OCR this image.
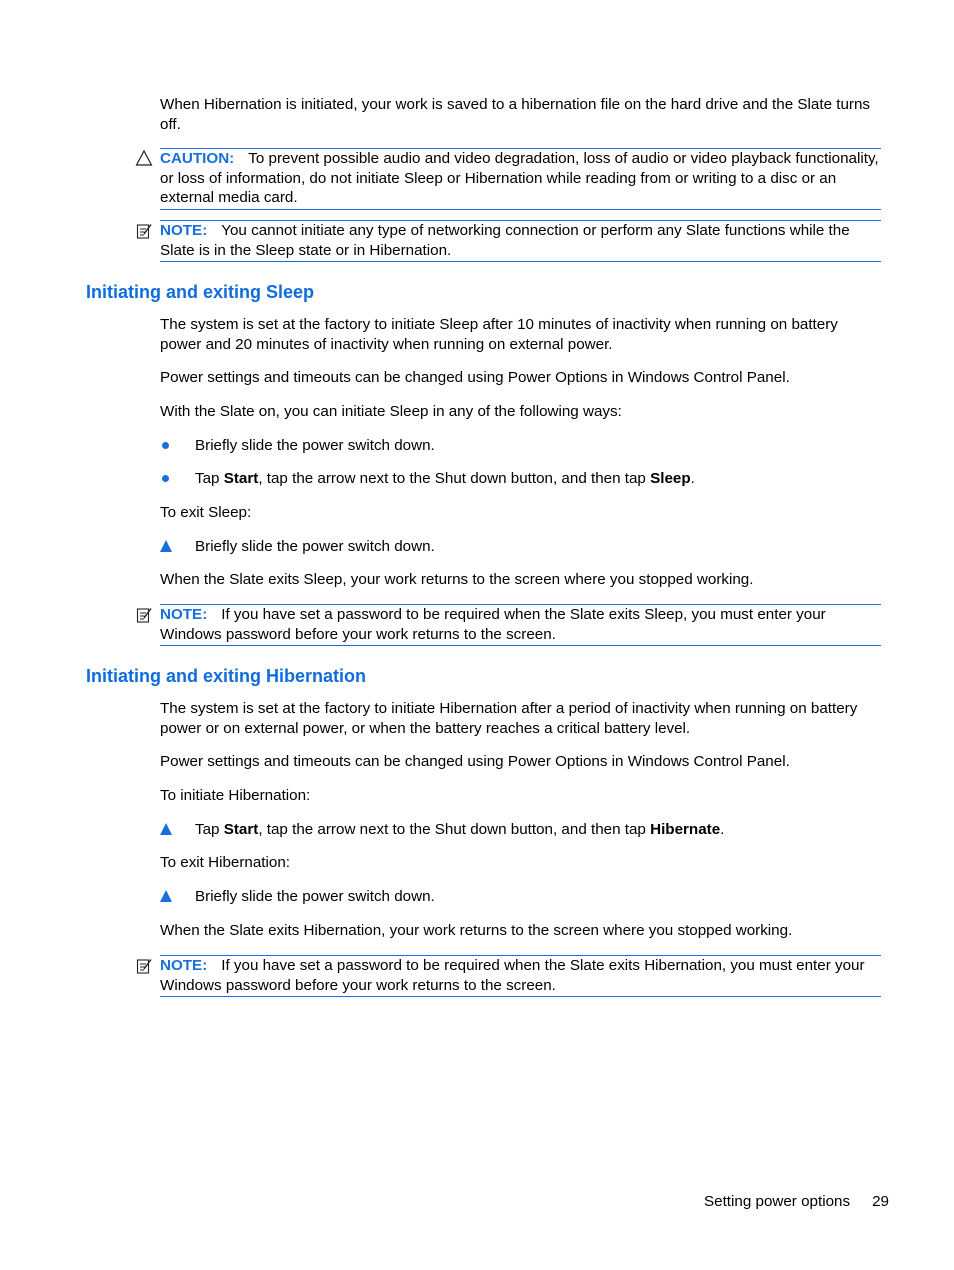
When Hibernation is initiated, your work is saved to a hibernation file on the hard drive and the Slate turns off.

CAUTION: To prevent possible audio and video degradation, loss of audio or video playback functionality, or loss of information, do not initiate Sleep or Hibernation while reading from or writing to a disc or an external media card.
NOTE: You cannot initiate any type of networking connection or perform any Slate functions while the Slate is in the Sleep state or in Hibernation.
Initiating and exiting Sleep

The system is set at the factory to initiate Sleep after 10 minutes of inactivity when running on battery power and 20 minutes of inactivity when running on external power.

Power settings and timeouts can be changed using Power Options in Windows Control Panel.

With the Slate on, you can initiate Sleep in any of the following ways:

Briefly slide the power switch down.
Tap Start, tap the arrow next to the Shut down button, and then tap Sleep.

To exit Sleep:

Briefly slide the power switch down.

When the Slate exits Sleep, your work returns to the screen where you stopped working.

NOTE: If you have set a password to be required when the Slate exits Sleep, you must enter your Windows password before your work returns to the screen.
Initiating and exiting Hibernation

The system is set at the factory to initiate Hibernation after a period of inactivity when running on battery power or on external power, or when the battery reaches a critical battery level.

Power settings and timeouts can be changed using Power Options in Windows Control Panel.

To initiate Hibernation:

Tap Start, tap the arrow next to the Shut down button, and then tap Hibernate.

To exit Hibernation:

Briefly slide the power switch down.

When the Slate exits Hibernation, your work returns to the screen where you stopped working.

NOTE: If you have set a password to be required when the Slate exits Hibernation, you must enter your Windows password before your work returns to the screen.
Setting power options 29
